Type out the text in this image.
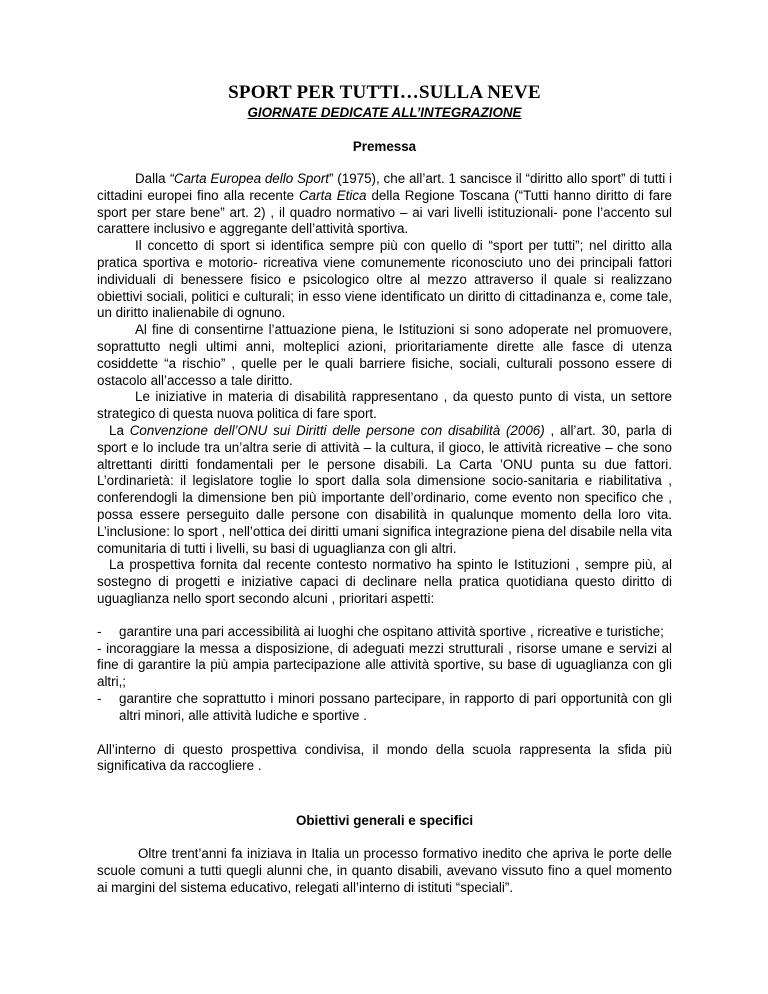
SPORT PER TUTTI…SULLA NEVE
GIORNATE DEDICATE ALL’INTEGRAZIONE
Premessa

Dalla “Carta Europea dello Sport” (1975), che all’art. 1 sancisce il “diritto allo sport” di tutti i cittadini europei fino alla recente Carta Etica della Regione Toscana (“Tutti hanno diritto di fare sport per stare bene” art. 2) , il quadro normativo – ai vari livelli istituzionali- pone l’accento sul carattere inclusivo e aggregante dell’attività sportiva.

Il concetto di sport si identifica sempre più con quello di “sport per tutti”; nel diritto alla pratica sportiva e motorio- ricreativa viene comunemente riconosciuto uno dei principali fattori individuali di benessere fisico e psicologico oltre al mezzo attraverso il quale si realizzano obiettivi sociali, politici e culturali; in esso viene identificato un diritto di cittadinanza e, come tale, un diritto inalienabile di ognuno.

Al fine di consentirne l’attuazione piena, le Istituzioni si sono adoperate nel promuovere, soprattutto negli ultimi anni, molteplici azioni, prioritariamente dirette alle fasce di utenza cosiddette “a rischio” , quelle per le quali barriere fisiche, sociali, culturali possono essere di ostacolo all’accesso a tale diritto.

Le iniziative in materia di disabilità rappresentano , da questo punto di vista, un settore strategico di questa nuova politica di fare sport.

La Convenzione dell’ONU sui Diritti delle persone con disabilità (2006) , all’art. 30, parla di sport e lo include tra un’altra serie di attività – la cultura, il gioco, le attività ricreative – che sono altrettanti diritti fondamentali per le persone disabili. La Carta ’ONU punta su due fattori. L’ordinarietà: il legislatore toglie lo sport dalla sola dimensione socio-sanitaria e riabilitativa , conferendogli la dimensione ben più importante dell’ordinario, come evento non specifico che , possa essere perseguito dalle persone con disabilità in qualunque momento della loro vita. L’inclusione: lo sport , nell’ottica dei diritti umani significa integrazione piena del disabile nella vita comunitaria di tutti i livelli, su basi di uguaglianza con gli altri.

La prospettiva fornita dal recente contesto normativo ha spinto le Istituzioni , sempre più, al sostegno di progetti e iniziative capaci di declinare nella pratica quotidiana questo diritto di uguaglianza nello sport secondo alcuni , prioritari aspetti:

-	garantire una pari accessibilità ai luoghi che ospitano attività sportive , ricreative e turistiche;
- incoraggiare la messa a disposizione, di adeguati mezzi strutturali , risorse umane e servizi al fine di garantire la più ampia partecipazione alle attività sportive, su base di uguaglianza con gli altri,;
-	garantire che soprattutto i minori possano partecipare, in rapporto di pari opportunità con gli altri minori, alle attività ludiche e sportive .

All’interno di questo prospettiva condivisa, il mondo della scuola rappresenta la sfida più significativa da raccogliere .

Obiettivi generali e specifici

Oltre trent’anni fa iniziava in Italia un processo formativo inedito che apriva le porte delle scuole comuni a tutti quegli alunni che, in quanto disabili, avevano vissuto fino a quel momento ai margini del sistema educativo, relegati all’interno di istituti “speciali”.
